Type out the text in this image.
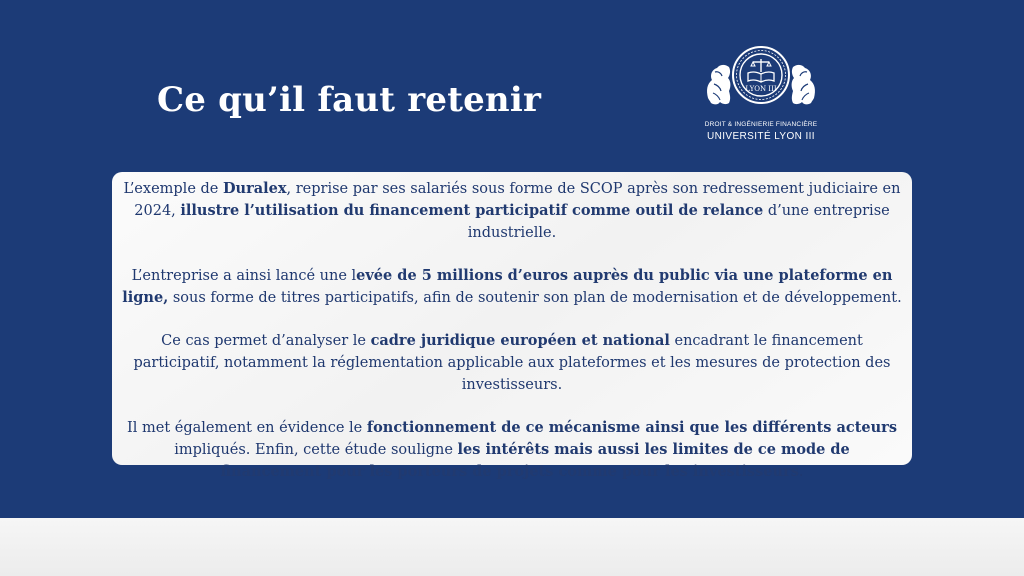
Ce qu’il faut retenir	LYON III
DROIT & INGÉNIERIE FINANCIÈRE
UNIVERSITÉ LYON III

L’exemple de Duralex, reprise par ses salariés sous forme de SCOP après son redressement judiciaire en 2024, illustre l’utilisation du financement participatif comme outil de relance d’une entreprise industrielle.

L’entreprise a ainsi lancé une levée de 5 millions d’euros auprès du public via une plateforme en ligne, sous forme de titres participatifs, afin de soutenir son plan de modernisation et de développement.

Ce cas permet d’analyser le cadre juridique européen et national encadrant le financement participatif, notamment la réglementation applicable aux plateformes et les mesures de protection des investisseurs.

Il met également en évidence le fonctionnement de ce mécanisme ainsi que les différents acteurs impliqués. Enfin, cette étude souligne les intérêts mais aussi les limites de ce mode de financement pour les porteurs de projets comme pour les investisseurs.
